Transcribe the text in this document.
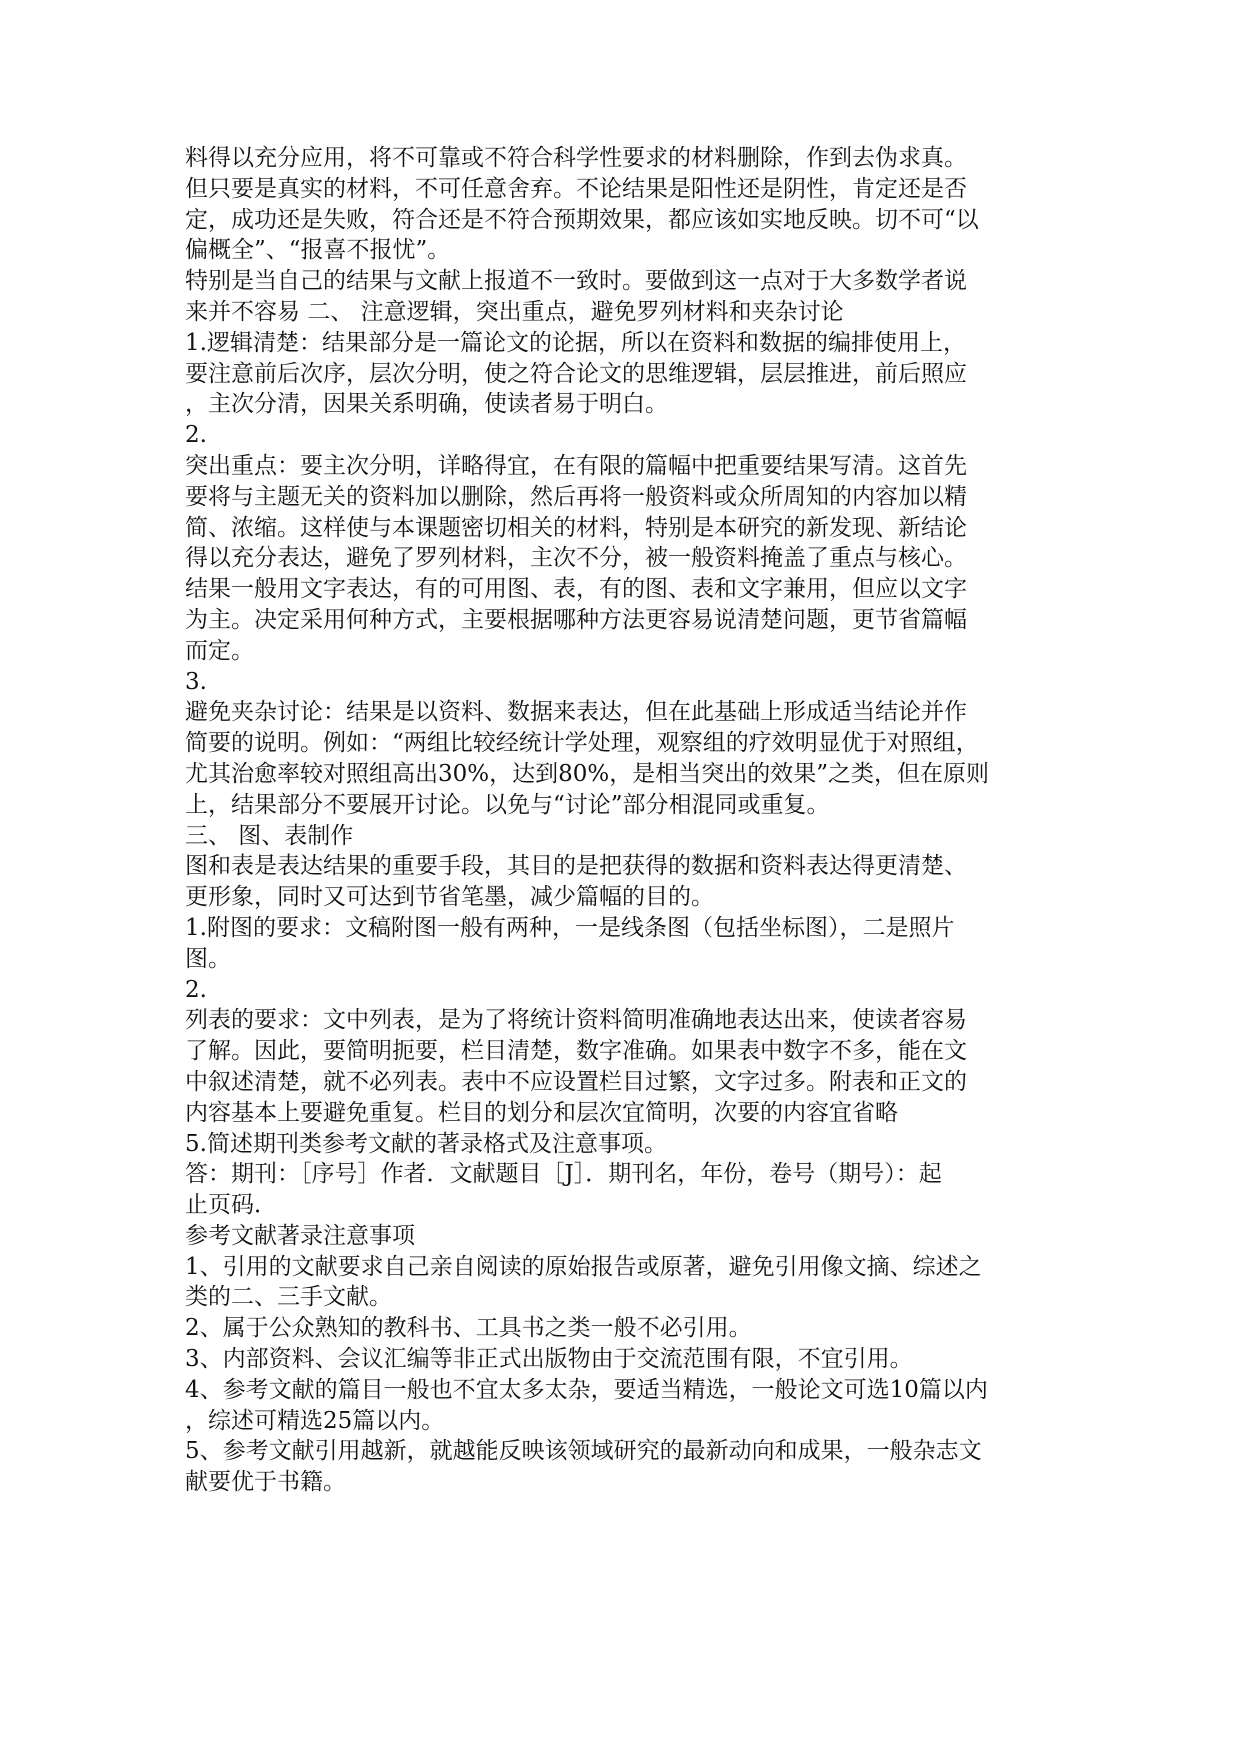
料得以充分应用，将不可靠或不符合科学性要求的材料删除，作到去伪求真。
但只要是真实的材料，不可任意舍弃。不论结果是阳性还是阴性，肯定还是否
定，成功还是失败，符合还是不符合预期效果，都应该如实地反映。切不可“以
偏概全”、“报喜不报忧”。
特别是当自己的结果与文献上报道不一致时。要做到这一点对于大多数学者说
来并不容易 二、 注意逻辑，突出重点，避免罗列材料和夹杂讨论
1.逻辑清楚：结果部分是一篇论文的论据，所以在资料和数据的编排使用上，
要注意前后次序，层次分明，使之符合论文的思维逻辑，层层推进，前后照应
，主次分清，因果关系明确，使读者易于明白。
2.
突出重点：要主次分明，详略得宜，在有限的篇幅中把重要结果写清。这首先
要将与主题无关的资料加以删除，然后再将一般资料或众所周知的内容加以精
简、浓缩。这样使与本课题密切相关的材料，特别是本研究的新发现、新结论
得以充分表达，避免了罗列材料，主次不分，被一般资料掩盖了重点与核心。
结果一般用文字表达，有的可用图、表，有的图、表和文字兼用，但应以文字
为主。决定采用何种方式，主要根据哪种方法更容易说清楚问题，更节省篇幅
而定。
3.
避免夹杂讨论：结果是以资料、数据来表达，但在此基础上形成适当结论并作
简要的说明。例如：“两组比较经统计学处理，观察组的疗效明显优于对照组，
尤其治愈率较对照组高出30%，达到80%，是相当突出的效果”之类，但在原则
上，结果部分不要展开讨论。以免与“讨论”部分相混同或重复。
三、 图、表制作
图和表是表达结果的重要手段，其目的是把获得的数据和资料表达得更清楚、
更形象，同时又可达到节省笔墨，减少篇幅的目的。
1.附图的要求：文稿附图一般有两种，一是线条图（包括坐标图），二是照片
图。
2.
列表的要求：文中列表，是为了将统计资料简明准确地表达出来，使读者容易
了解。因此，要简明扼要，栏目清楚，数字准确。如果表中数字不多，能在文
中叙述清楚，就不必列表。表中不应设置栏目过繁，文字过多。附表和正文的
内容基本上要避免重复。栏目的划分和层次宜简明，次要的内容宜省略
5.简述期刊类参考文献的著录格式及注意事项。
答：期刊：［序号］作者．文献题目［J］．期刊名，年份，卷号（期号）：起
止页码．
参考文献著录注意事项
1、引用的文献要求自己亲自阅读的原始报告或原著，避免引用像文摘、综述之
类的二、三手文献。
2、属于公众熟知的教科书、工具书之类一般不必引用。
3、内部资料、会议汇编等非正式出版物由于交流范围有限，不宜引用。
4、参考文献的篇目一般也不宜太多太杂，要适当精选，一般论文可选10篇以内
，综述可精选25篇以内。
5、参考文献引用越新，就越能反映该领域研究的最新动向和成果，一般杂志文
献要优于书籍。
